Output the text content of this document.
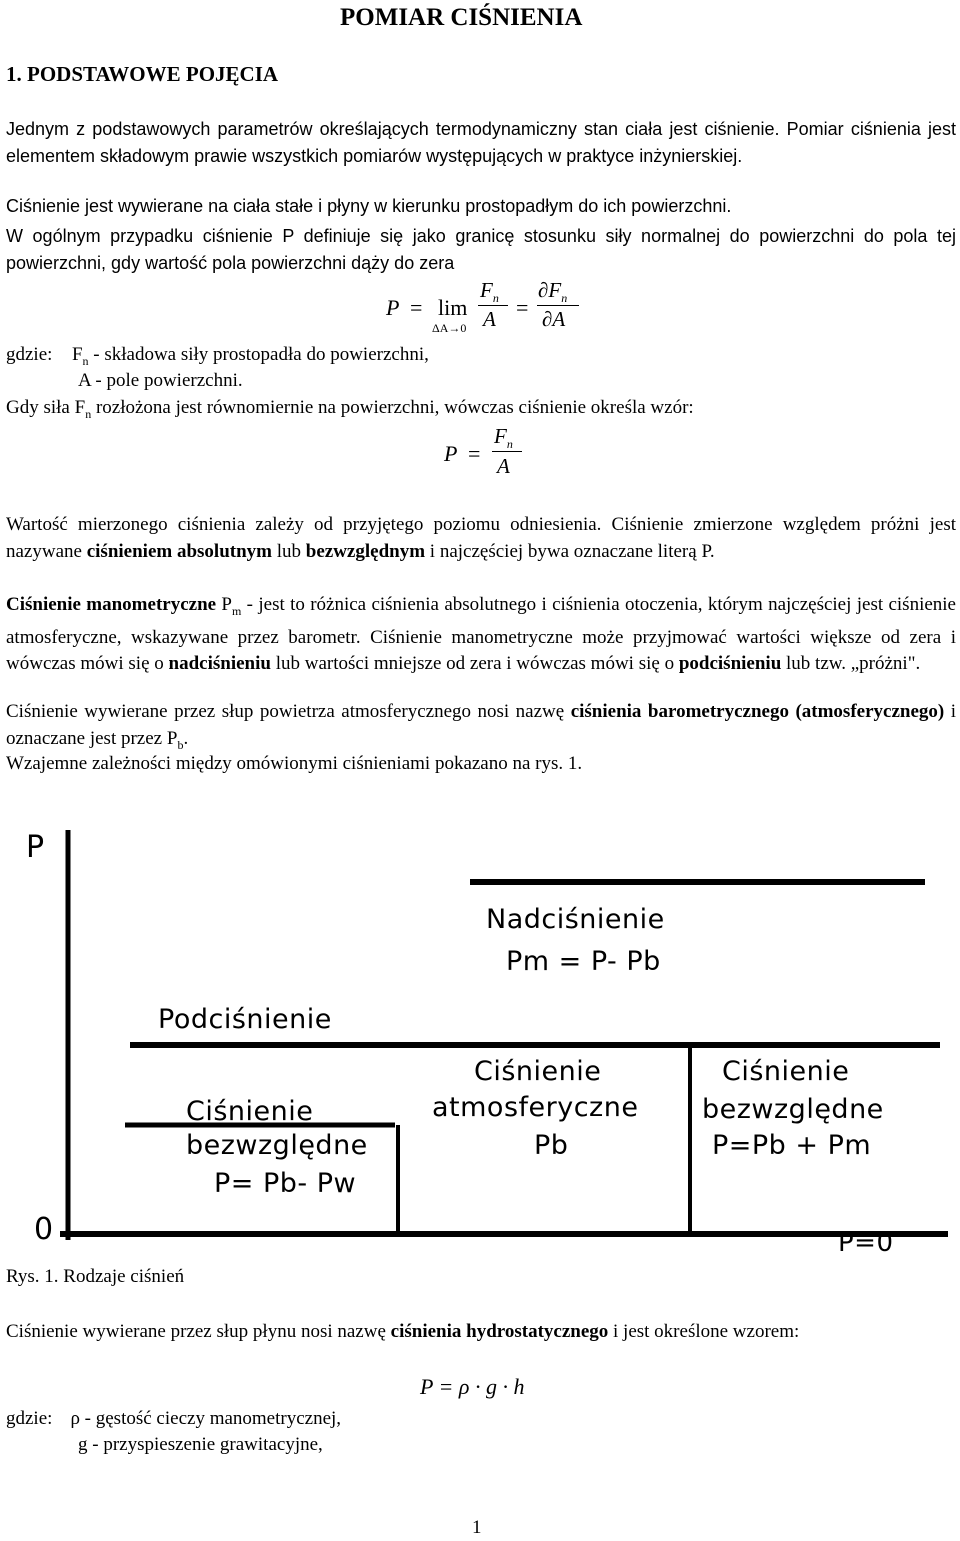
POMIAR CIŚNIENIA
1. PODSTAWOWE POJĘCIA
Jednym z podstawowych parametrów określających termodynamiczny stan ciała jest ciśnienie. Pomiar ciśnienia jest elementem składowym prawie wszystkich pomiarów występujących w praktyce inżynierskiej.
Ciśnienie jest wywierane na ciała stałe i płyny w kierunku prostopadłym do ich powierzchni.
W ogólnym przypadku ciśnienie P definiuje się jako granicę stosunku siły normalnej do powierzchni do pola tej powierzchni, gdy wartość pola powierzchni dąży do zera
P = lim
ΔA→0
$F_n$
A =
$\partial F_n$
∂A
gdzie: $F_n$ - składowa siły prostopadła do powierzchni,
A - pole powierzchni.
Gdy siła $F_n$ rozłożona jest równomiernie na powierzchni, wówczas ciśnienie określa wzór:
P =
$F_n$
A
Wartość mierzonego ciśnienia zależy od przyjętego poziomu odniesienia. Ciśnienie zmierzone względem próżni jest nazywane ciśnieniem absolutnym lub bezwzględnym i najczęściej bywa oznaczane literą P.
Ciśnienie manometryczne $P_m$ - jest to różnica ciśnienia absolutnego i ciśnienia otoczenia, którym najczęściej jest ciśnienie atmosferyczne, wskazywane przez barometr. Ciśnienie manometryczne może przyjmować wartości większe od zera i wówczas mówi się o nadciśnieniu lub wartości mniejsze od zera i wówczas mówi się o podciśnieniu lub tzw. „próżni".
Ciśnienie wywierane przez słup powietrza atmosferycznego nosi nazwę ciśnienia barometrycznego (atmosferycznego) i oznaczane jest przez $P_b$.
Wzajemne zależności między omówionymi ciśnieniami pokazano na rys. 1.
P
0	P=0
Nadciśnienie
Pm = P- Pb
Podciśnienie
Ciśnienie
atmosferyczne
Pb
Ciśnienie
bezwzględne
P=Pb + Pm
Ciśnienie
bezwzględne
P= Pb- Pw
Rys. 1. Rodzaje ciśnień
Ciśnienie wywierane przez słup płynu nosi nazwę ciśnienia hydrostatycznego i jest określone wzorem:
P = ρ · g · h
gdzie: ρ - gęstość cieczy manometrycznej,
g - przyspieszenie grawitacyjne,
1
